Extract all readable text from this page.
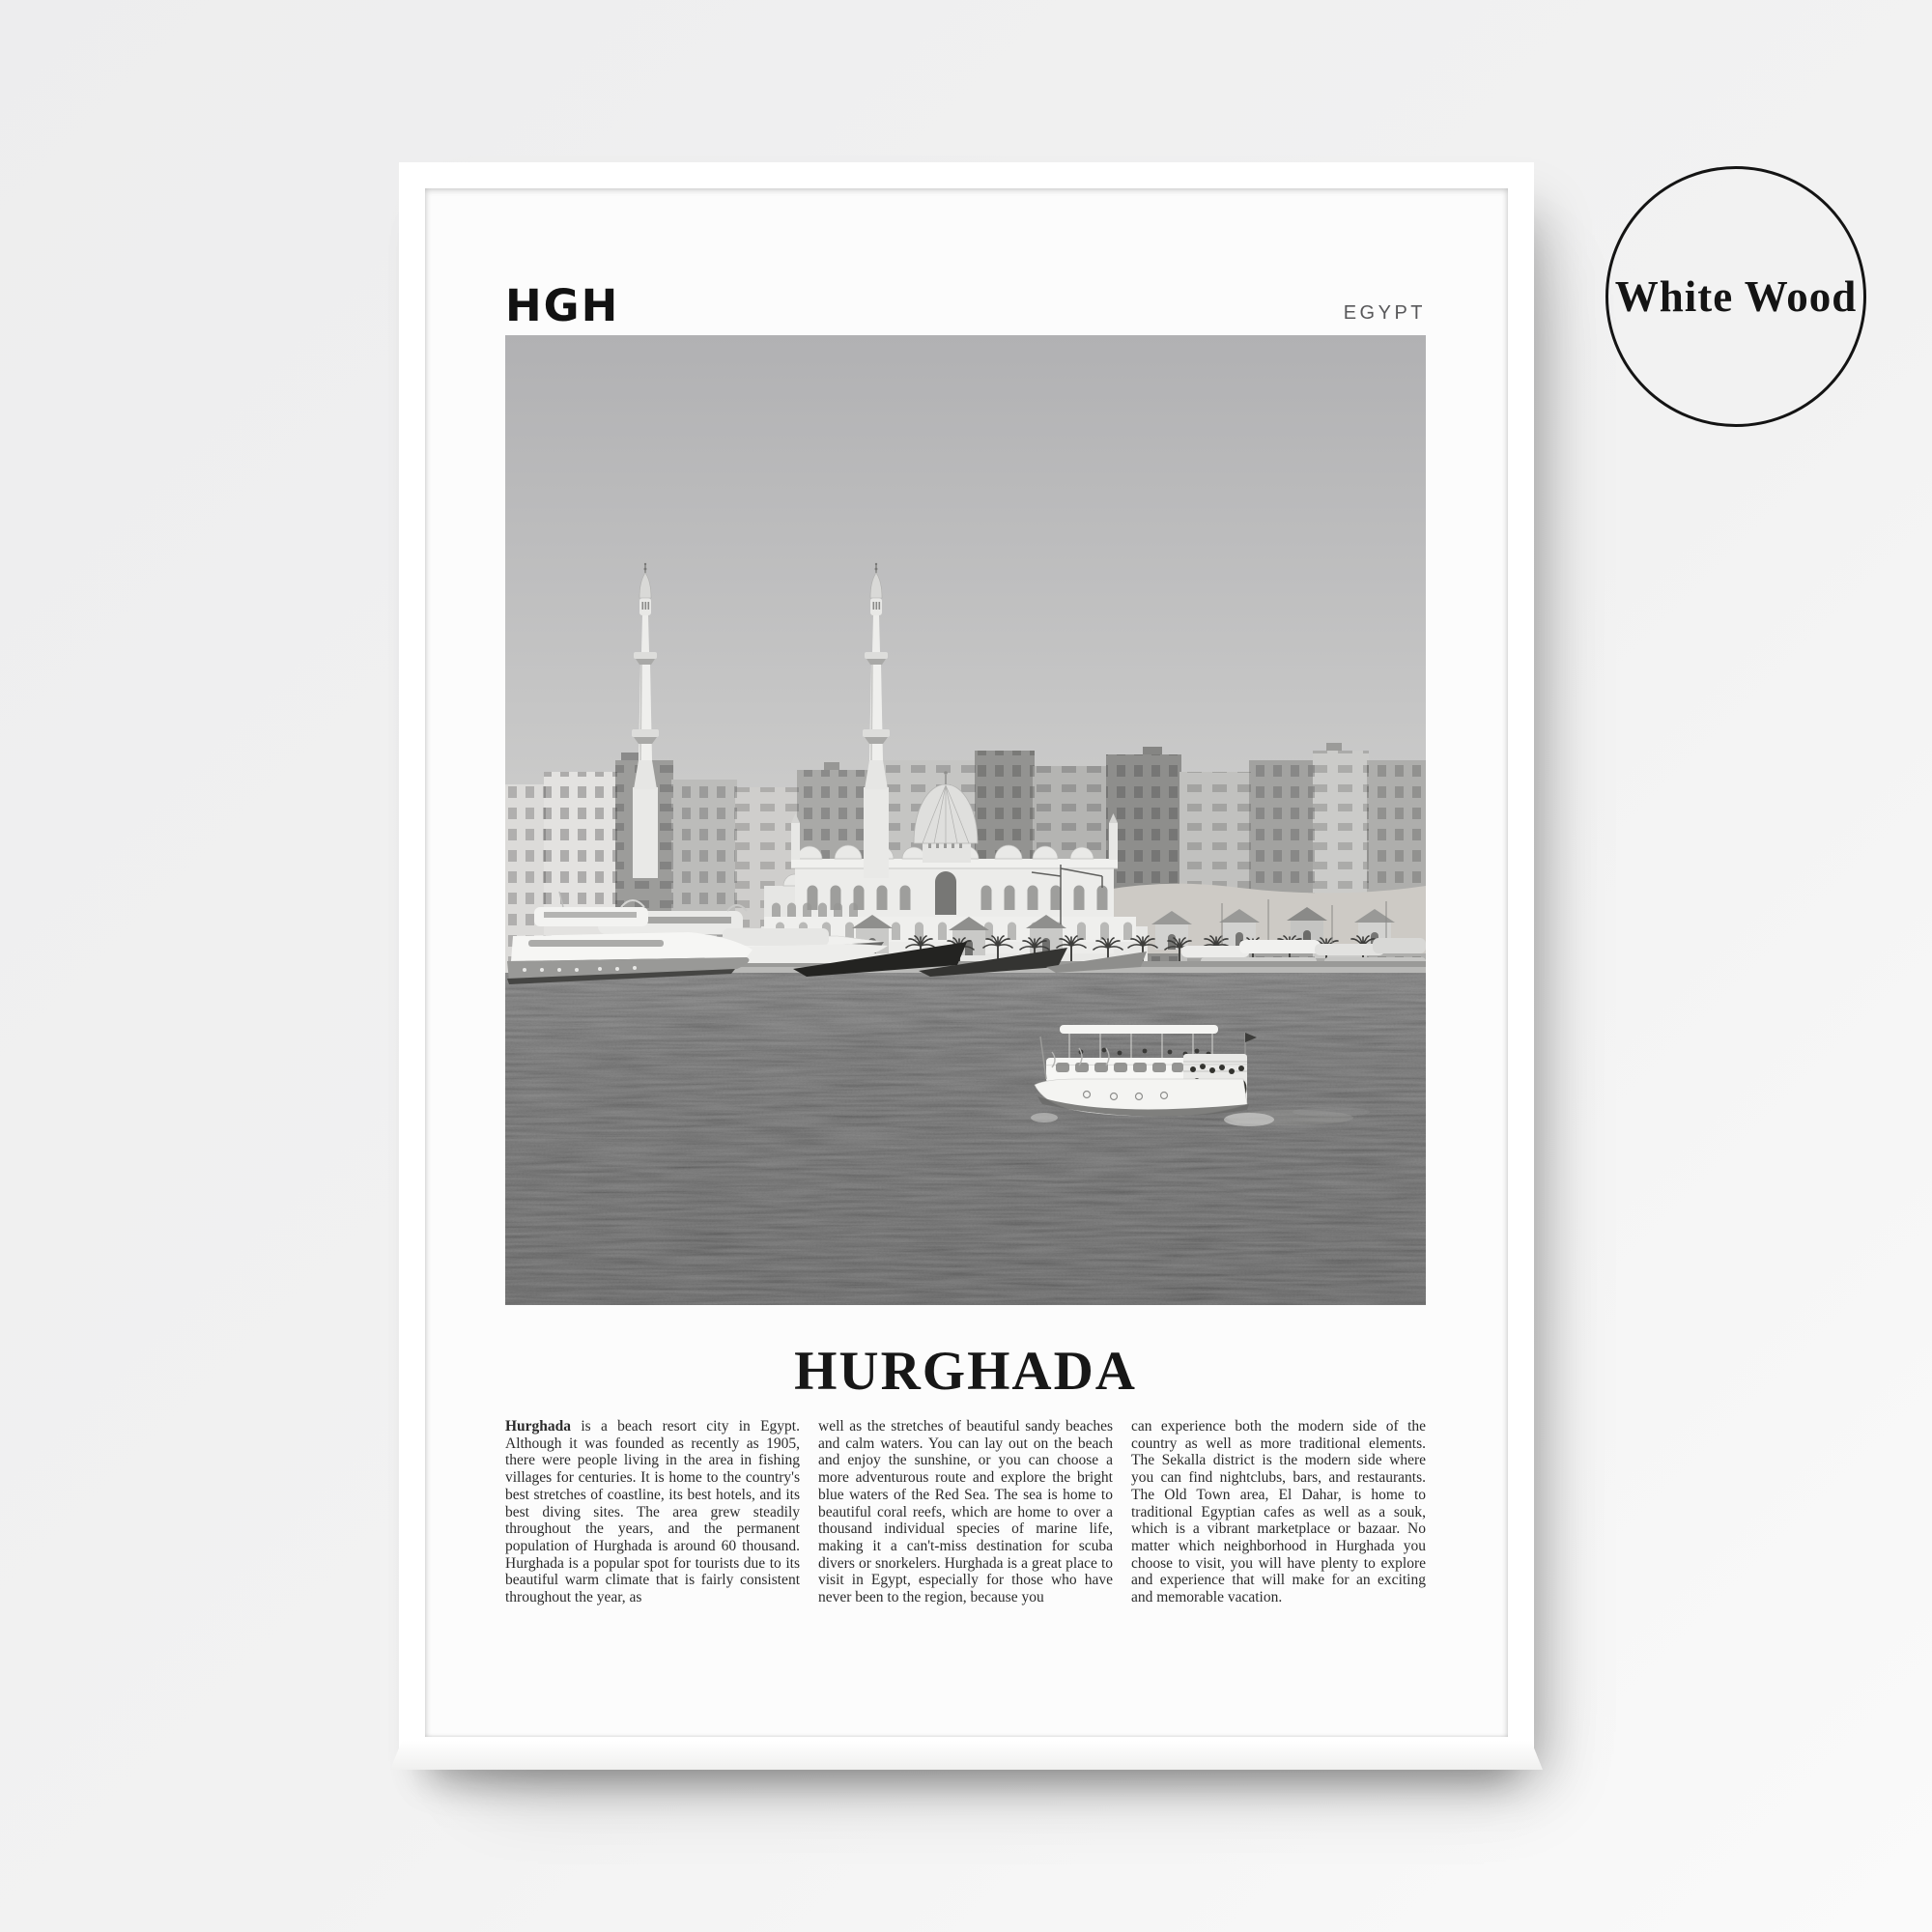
HGH	EGYPT
HURGHADA

Hurghada is a beach resort city in Egypt. Although it was founded as recently as 1905, there were people living in the area in fishing villages for centuries. It is home to the country's best stretches of coastline, its best hotels, and its best diving sites. The area grew steadily throughout the years, and the permanent population of Hurghada is around 60 thousand. Hurghada is a popular spot for tourists due to its beautiful warm climate that is fairly consistent throughout the year, as

well as the stretches of beautiful sandy beaches and calm waters. You can lay out on the beach and enjoy the sunshine, or you can choose a more adventurous route and explore the bright blue waters of the Red Sea. The sea is home to beautiful coral reefs, which are home to over a thousand individual species of marine life, making it a can't-miss destination for scuba divers or snorkelers. Hurghada is a great place to visit in Egypt, especially for those who have never been to the region, because you

can experience both the modern side of the country as well as more traditional elements. The Sekalla district is the modern side where you can find nightclubs, bars, and restaurants. The Old Town area, El Dahar, is home to traditional Egyptian cafes as well as a souk, which is a vibrant marketplace or bazaar. No matter which neighborhood in Hurghada you choose to visit, you will have plenty to explore and experience that will make for an exciting and memorable vacation.

White Wood
